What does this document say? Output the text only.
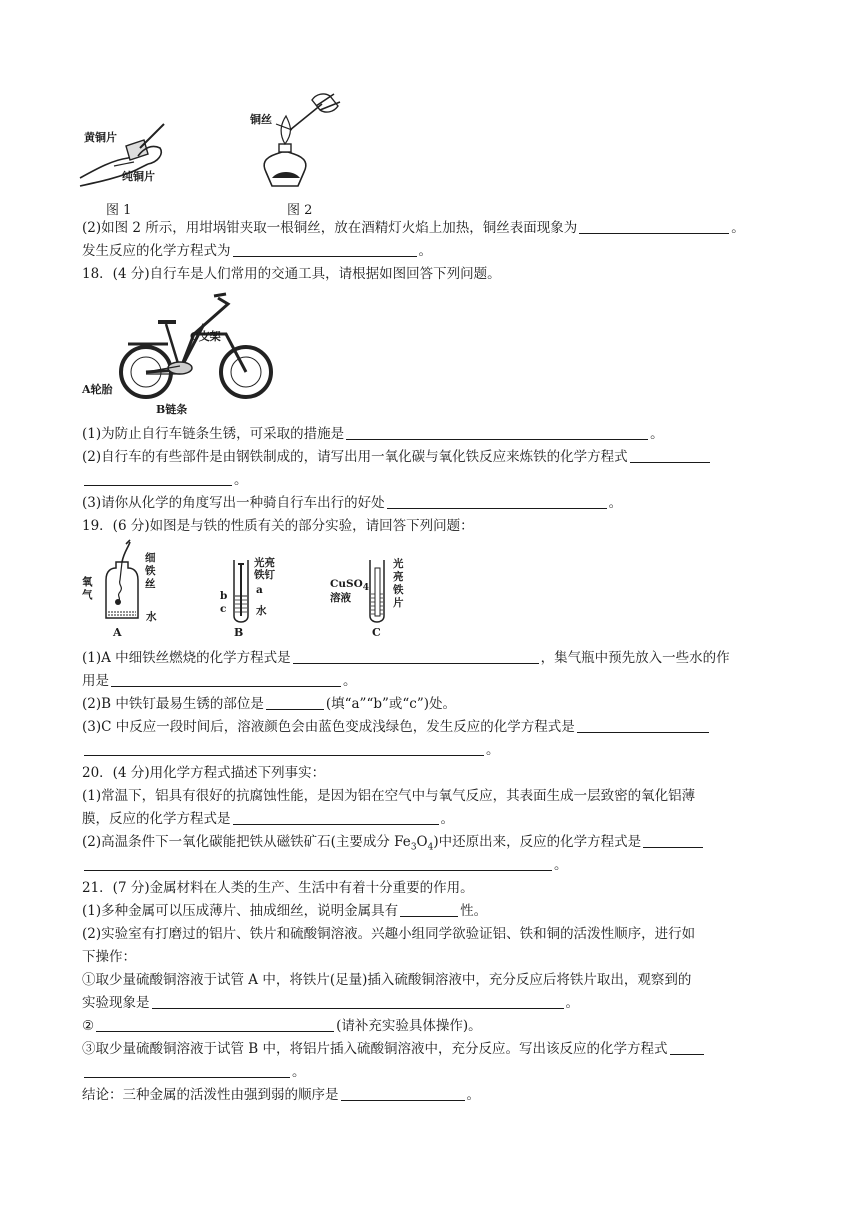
黄铜片
纯铜片
图 1
铜丝
图 2
(2)如图 2 所示，用坩埚钳夹取一根铜丝，放在酒精灯火焰上加热，铜丝表面现象为	。
发生反应的化学方程式为	。
18．(4 分)自行车是人们常用的交通工具，请根据如图回答下列问题。
C支架
A轮胎
B链条
(1)为防止自行车链条生锈，可采取的措施是	。
(2)自行车的有些部件是由钢铁制成的，请写出用一氧化碳与氧化铁反应来炼铁的化学方程式
。
(3)请你从化学的角度写出一种骑自行车出行的好处	。
19．(6 分)如图是与铁的性质有关的部分实验，请回答下列问题：
细铁丝
氧气
水
A
光亮铁钉
a
b
c	水
B
CuSO$_4$
溶液
光亮铁片
C
(1)A 中细铁丝燃烧的化学方程式是	，集气瓶中预先放入一些水的作
用是	。
(2)B 中铁钉最易生锈的部位是	(填“a”“b”或“c”)处。
(3)C 中反应一段时间后，溶液颜色会由蓝色变成浅绿色，发生反应的化学方程式是
。
20．(4 分)用化学方程式描述下列事实：
(1)常温下，铝具有很好的抗腐蚀性能，是因为铝在空气中与氧气反应，其表面生成一层致密的氧化铝薄
膜，反应的化学方程式是	。
(2)高温条件下一氧化碳能把铁从磁铁矿石(主要成分 $Fe_3O_4$)中还原出来，反应的化学方程式是
。
21．(7 分)金属材料在人类的生产、生活中有着十分重要的作用。
(1)多种金属可以压成薄片、抽成细丝，说明金属具有	性。
(2)实验室有打磨过的铝片、铁片和硫酸铜溶液。兴趣小组同学欲验证铝、铁和铜的活泼性顺序，进行如
下操作：
①取少量硫酸铜溶液于试管 A 中，将铁片(足量)插入硫酸铜溶液中，充分反应后将铁片取出，观察到的
实验现象是	。
②	(请补充实验具体操作)。
③取少量硫酸铜溶液于试管 B 中，将铝片插入硫酸铜溶液中，充分反应。写出该反应的化学方程式
。
结论：三种金属的活泼性由强到弱的顺序是	。
